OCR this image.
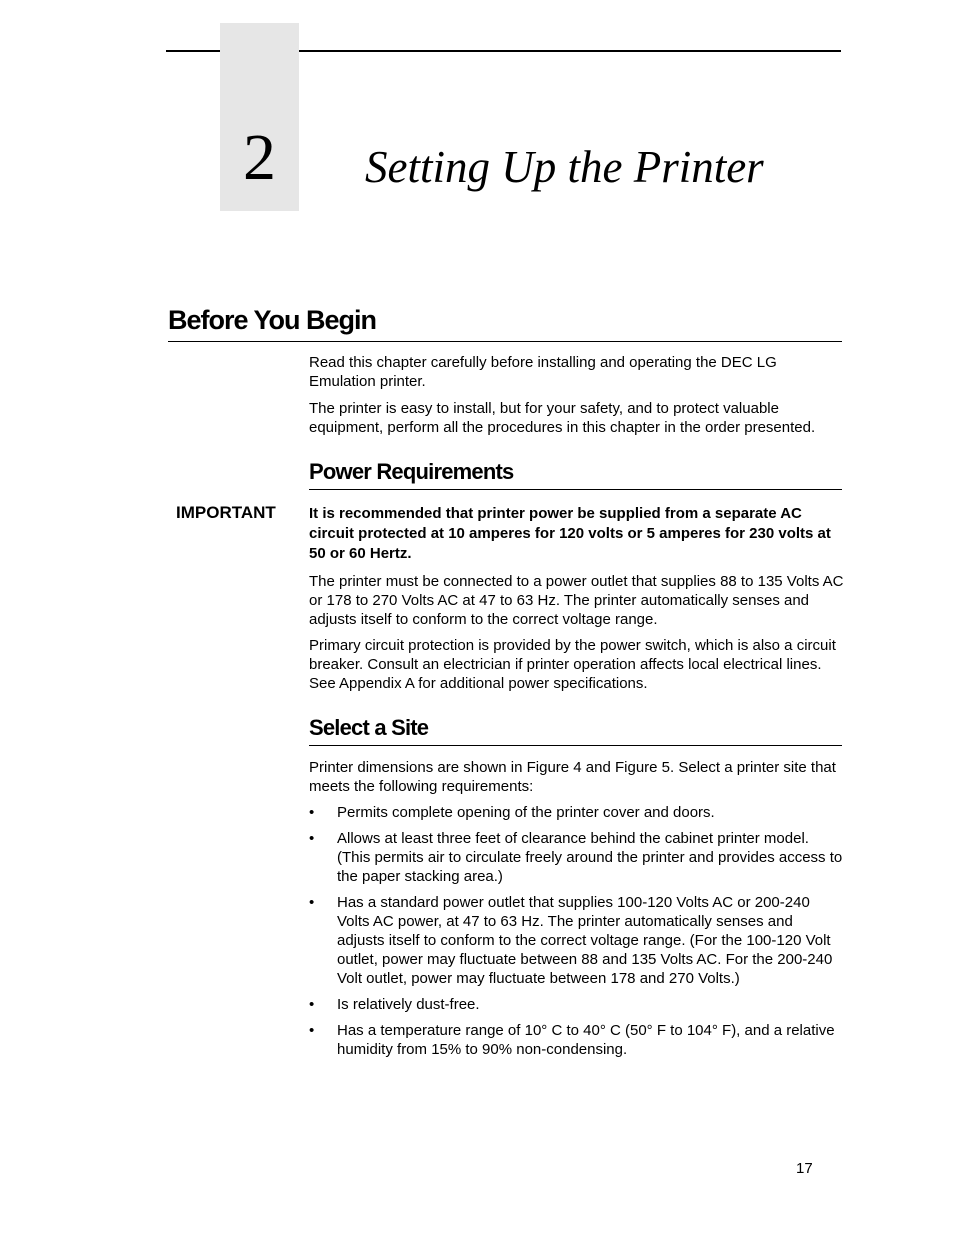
2	Setting Up the Printer
Before You Begin

Read this chapter carefully before installing and operating the DEC LG Emulation printer.

The printer is easy to install, but for your safety, and to protect valuable equipment, perform all the procedures in this chapter in the order presented.

Power Requirements
IMPORTANT It is recommended that printer power be supplied from a separate AC circuit protected at 10 amperes for 120 volts or 5 amperes for 230 volts at 50 or 60 Hertz.

The printer must be connected to a power outlet that supplies 88 to 135 Volts AC or 178 to 270 Volts AC at 47 to 63 Hz. The printer automatically senses and adjusts itself to conform to the correct voltage range.

Primary circuit protection is provided by the power switch, which is also a circuit breaker. Consult an electrician if printer operation affects local electrical lines. See Appendix A for additional power specifications.

Select a Site

Printer dimensions are shown in Figure 4 and Figure 5. Select a printer site that meets the following requirements:

• Permits complete opening of the printer cover and doors.
• Allows at least three feet of clearance behind the cabinet printer model. (This permits air to circulate freely around the printer and provides access to the paper stacking area.)
• Has a standard power outlet that supplies 100-120 Volts AC or 200-240 Volts AC power, at 47 to 63 Hz. The printer automatically senses and adjusts itself to conform to the correct voltage range. (For the 100-120 Volt outlet, power may fluctuate between 88 and 135 Volts AC. For the 200-240 Volt outlet, power may fluctuate between 178 and 270 Volts.)
• Is relatively dust-free.
• Has a temperature range of 10° C to 40° C (50° F to 104° F), and a relative humidity from 15% to 90% non-condensing.
17
